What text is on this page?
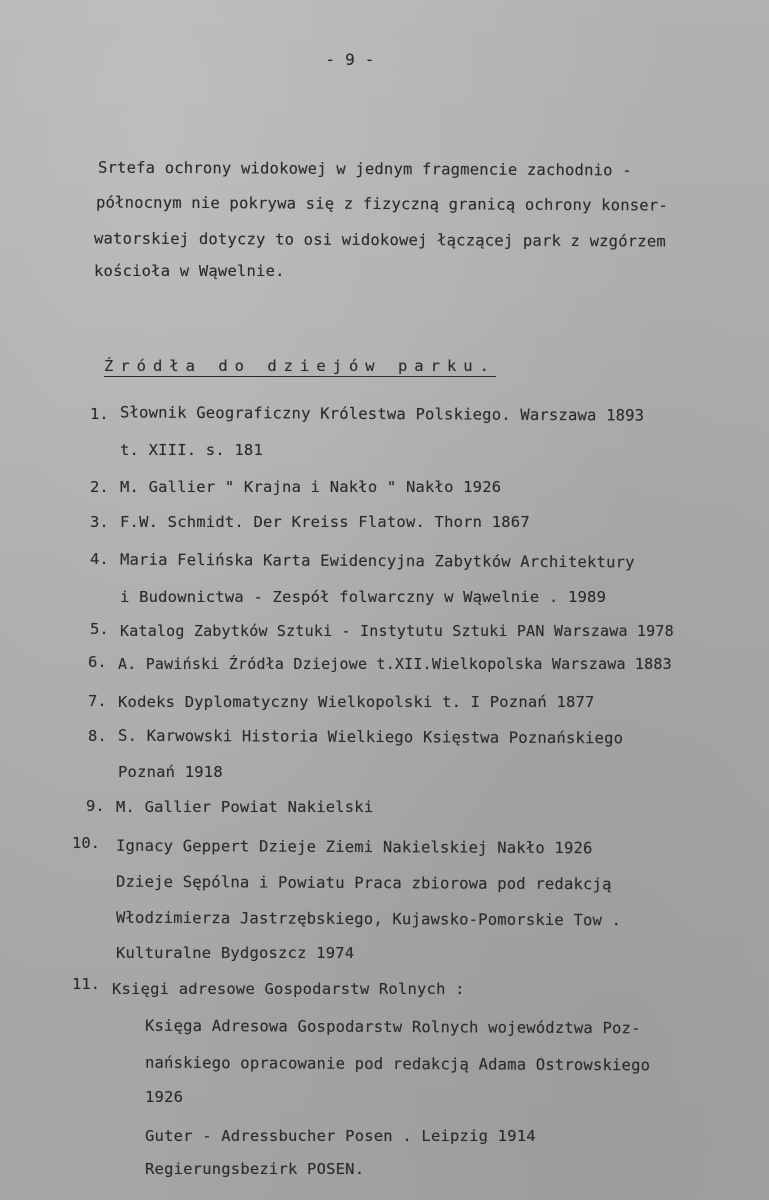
- 9 -
Srtefa ochrony widokowej w jednym fragmencie zachodnio -
północnym nie pokrywa się z fizyczną granicą ochrony konser-
watorskiej dotyczy to osi widokowej łączącej park z wzgórzem
kościoła w Wąwelnie.
Źródła do dziejów parku.
1. Słownik Geograficzny Królestwa Polskiego. Warszawa 1893
t. XIII. s. 181
2. M. Gallier " Krajna i Nakło " Nakło 1926
3. F.W. Schmidt. Der Kreiss Flatow. Thorn 1867
4. Maria Felińska Karta Ewidencyjna Zabytków Architektury
i Budownictwa - Zespół folwarczny w Wąwelnie . 1989
5. Katalog Zabytków Sztuki - Instytutu Sztuki PAN Warszawa 1978
6. A. Pawiński Źródła Dziejowe t.XII.Wielkopolska Warszawa 1883
7. Kodeks Dyplomatyczny Wielkopolski t. I Poznań 1877
8. S. Karwowski Historia Wielkiego Księstwa Poznańskiego
Poznań 1918
9. M. Gallier Powiat Nakielski
10. Ignacy Geppert Dzieje Ziemi Nakielskiej Nakło 1926
Dzieje Sępólna i Powiatu Praca zbiorowa pod redakcją
Włodzimierza Jastrzębskiego, Kujawsko-Pomorskie Tow .
Kulturalne Bydgoszcz 1974
11. Księgi adresowe Gospodarstw Rolnych :
Księga Adresowa Gospodarstw Rolnych województwa Poz-
nańskiego opracowanie pod redakcją Adama Ostrowskiego
1926
Guter - Adressbucher Posen . Leipzig 1914
Regierungsbezirk POSEN.
